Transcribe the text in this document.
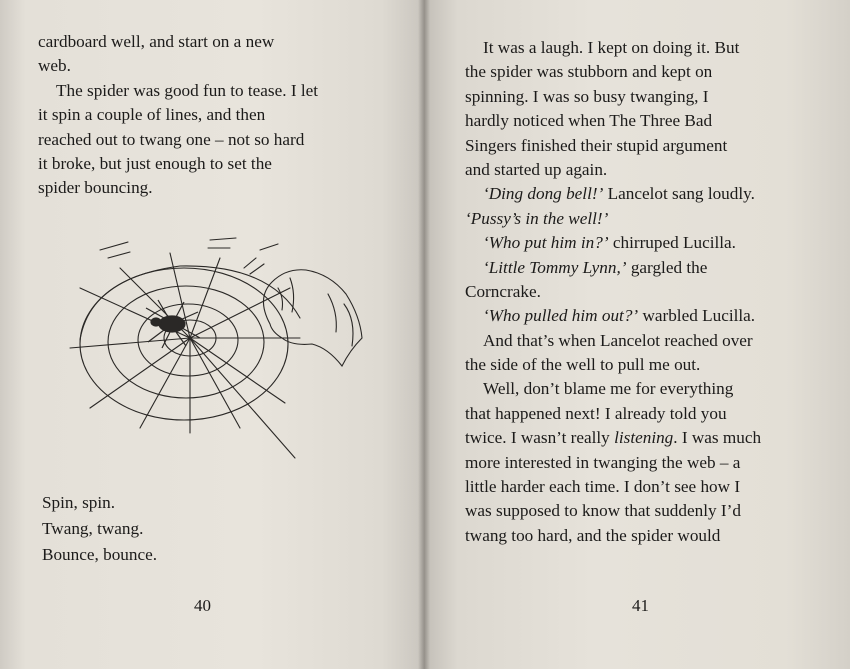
cardboard well, and start on a new
web.
The spider was good fun to tease. I let
it spin a couple of lines, and then
reached out to twang one – not so hard
it broke, but just enough to set the
spider bouncing.
Spin, spin.
Twang, twang.
Bounce, bounce.
40
It was a laugh. I kept on doing it. But
the spider was stubborn and kept on
spinning. I was so busy twanging, I
hardly noticed when The Three Bad
Singers finished their stupid argument
and started up again.
‘Ding dong bell!’ Lancelot sang loudly.
‘Pussy’s in the well!’
‘Who put him in?’ chirruped Lucilla.
‘Little Tommy Lynn,’ gargled the
Corncrake.
‘Who pulled him out?’ warbled Lucilla.
And that’s when Lancelot reached over
the side of the well to pull me out.
Well, don’t blame me for everything
that happened next! I already told you
twice. I wasn’t really listening. I was much
more interested in twanging the web – a
little harder each time. I don’t see how I
was supposed to know that suddenly I’d
twang too hard, and the spider would
41
